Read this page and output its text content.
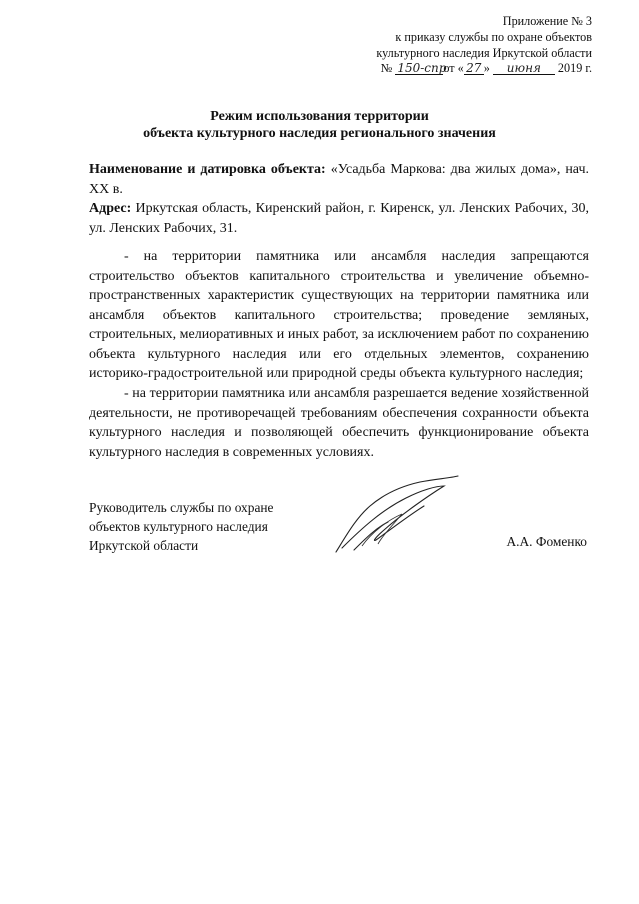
Приложение № 3
к приказу службы по охране объектов
культурного наследия Иркутской области
№ 150-спрот « 27 » июня 2019 г.
Режим использования территории
объекта культурного наследия регионального значения
Наименование и датировка объекта: «Усадьба Маркова: два жилых дома», нач. XX в.
Адрес: Иркутская область, Киренский район, г. Киренск, ул. Ленских Рабочих, 30, ул. Ленских Рабочих, 31.
- на территории памятника или ансамбля наследия запрещаются строительство объектов капитального строительства и увеличение объемно-пространственных характеристик существующих на территории памятника или ансамбля объектов капитального строительства; проведение земляных, строительных, мелиоративных и иных работ, за исключением работ по сохранению объекта культурного наследия или его отдельных элементов, сохранению историко-градостроительной или природной среды объекта культурного наследия;
- на территории памятника или ансамбля разрешается ведение хозяйственной деятельности, не противоречащей требованиям обеспечения сохранности объекта культурного наследия и позволяющей обеспечить функционирование объекта культурного наследия в современных условиях.
Руководитель службы по охране
объектов культурного наследия
Иркутской области	А.А. Фоменко
